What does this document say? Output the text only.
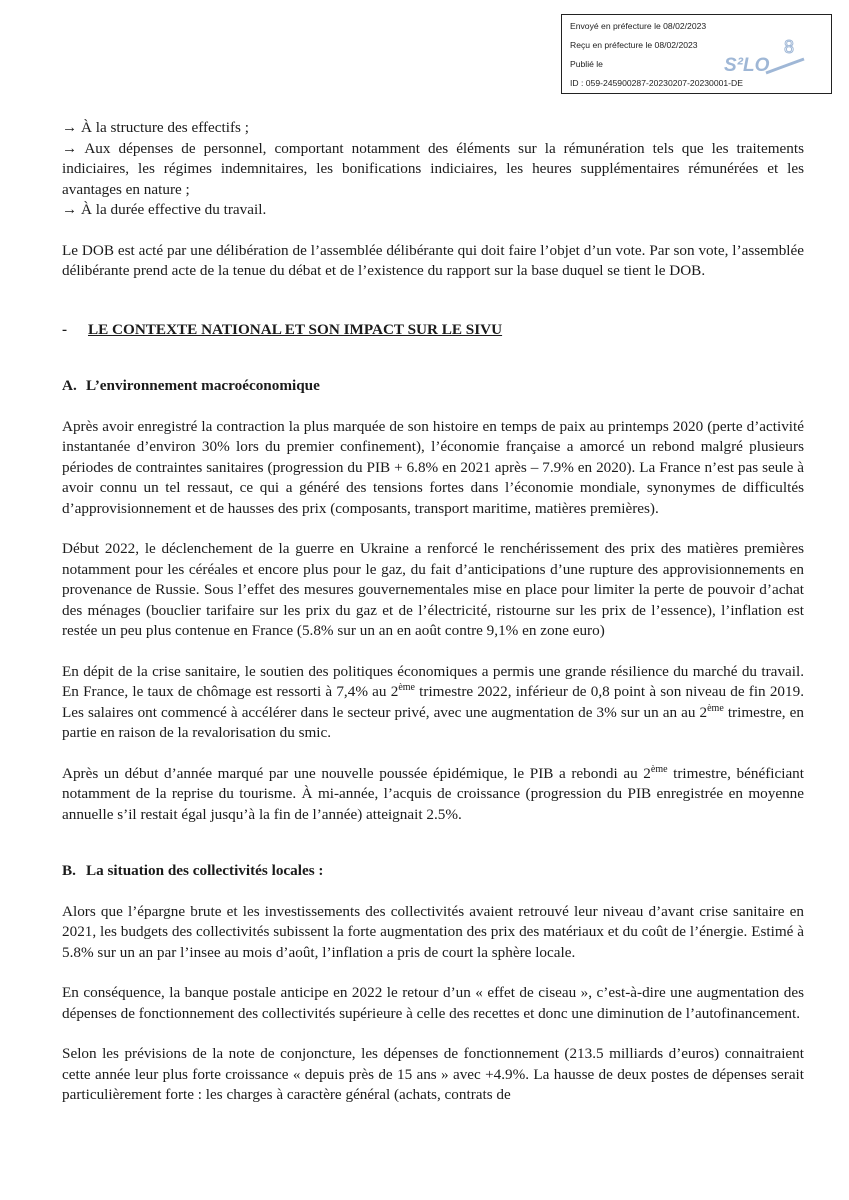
Envoyé en préfecture le 08/02/2023
Reçu en préfecture le 08/02/2023
Publié le
ID : 059-245900287-20230207-20230001-DE
8
S²LO

→ À la structure des effectifs ;

→ Aux dépenses de personnel, comportant notamment des éléments sur la rémunération tels que les traitements indiciaires, les régimes indemnitaires, les bonifications indiciaires, les heures supplémentaires rémunérées et les avantages en nature ;

→ À la durée effective du travail.

Le DOB est acté par une délibération de l’assemblée délibérante qui doit faire l’objet d’un vote. Par son vote, l’assemblée délibérante prend acte de la tenue du débat et de l’existence du rapport sur la base duquel se tient le DOB.

-	LE CONTEXTE NATIONAL ET SON IMPACT SUR LE SIVU
A. L’environnement macroéconomique

Après avoir enregistré la contraction la plus marquée de son histoire en temps de paix au printemps 2020 (perte d’activité instantanée d’environ 30% lors du premier confinement), l’économie française a amorcé un rebond malgré plusieurs périodes de contraintes sanitaires (progression du PIB + 6.8% en 2021 après – 7.9% en 2020). La France n’est pas seule à avoir connu un tel ressaut, ce qui a généré des tensions fortes dans l’économie mondiale, synonymes de difficultés d’approvisionnement et de hausses des prix (composants, transport maritime, matières premières).

Début 2022, le déclenchement de la guerre en Ukraine a renforcé le renchérissement des prix des matières premières notamment pour les céréales et encore plus pour le gaz, du fait d’anticipations d’une rupture des approvisionnements en provenance de Russie. Sous l’effet des mesures gouvernementales mise en place pour limiter la perte de pouvoir d’achat des ménages (bouclier tarifaire sur les prix du gaz et de l’électricité, ristourne sur les prix de l’essence), l’inflation est restée un peu plus contenue en France (5.8% sur un an en août contre 9,1% en zone euro)

En dépit de la crise sanitaire, le soutien des politiques économiques a permis une grande résilience du marché du travail. En France, le taux de chômage est ressorti à 7,4% au 2ème trimestre 2022, inférieur de 0,8 point à son niveau de fin 2019. Les salaires ont commencé à accélérer dans le secteur privé, avec une augmentation de 3% sur un an au 2ème trimestre, en partie en raison de la revalorisation du smic.

Après un début d’année marqué par une nouvelle poussée épidémique, le PIB a rebondi au 2ème trimestre, bénéficiant notamment de la reprise du tourisme. À mi-année, l’acquis de croissance (progression du PIB enregistrée en moyenne annuelle s’il restait égal jusqu’à la fin de l’année) atteignait 2.5%.

B. La situation des collectivités locales :

Alors que l’épargne brute et les investissements des collectivités avaient retrouvé leur niveau d’avant crise sanitaire en 2021, les budgets des collectivités subissent la forte augmentation des prix des matériaux et du coût de l’énergie. Estimé à 5.8% sur un an par l’insee au mois d’août, l’inflation a pris de court la sphère locale.

En conséquence, la banque postale anticipe en 2022 le retour d’un « effet de ciseau », c’est-à-dire une augmentation des dépenses de fonctionnement des collectivités supérieure à celle des recettes et donc une diminution de l’autofinancement.

Selon les prévisions de la note de conjoncture, les dépenses de fonctionnement (213.5 milliards d’euros) connaitraient cette année leur plus forte croissance « depuis près de 15 ans » avec +4.9%. La hausse de deux postes de dépenses serait particulièrement forte : les charges à caractère général (achats, contrats de
